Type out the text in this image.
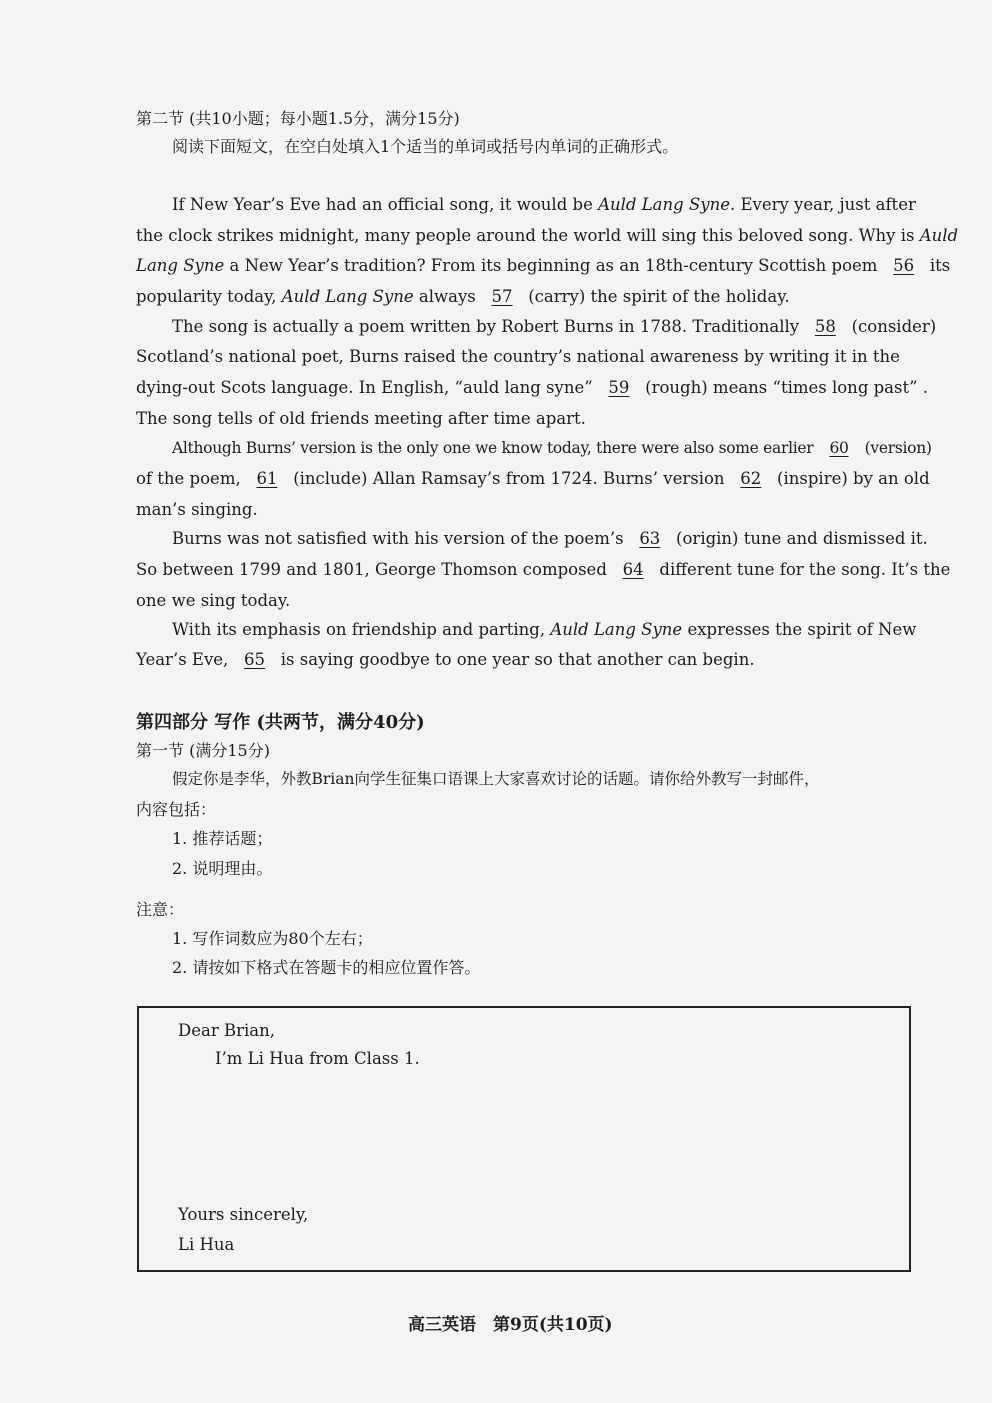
第二节 (共10小题；每小题1.5分，满分15分)
阅读下面短文，在空白处填入1个适当的单词或括号内单词的正确形式。
If New Year’s Eve had an official song, it would be Auld Lang Syne. Every year, just after
the clock strikes midnight, many people around the world will sing this beloved song. Why is Auld
Lang Syne a New Year’s tradition? From its beginning as an 18th-century Scottish poem 56 its
popularity today, Auld Lang Syne always 57 (carry) the spirit of the holiday.
The song is actually a poem written by Robert Burns in 1788. Traditionally 58 (consider)
Scotland’s national poet, Burns raised the country’s national awareness by writing it in the
dying-out Scots language. In English, “auld lang syne” 59 (rough) means “times long past” .
The song tells of old friends meeting after time apart.
Although Burns’ version is the only one we know today, there were also some earlier 60 (version)
of the poem, 61 (include) Allan Ramsay’s from 1724. Burns’ version 62 (inspire) by an old
man’s singing.
Burns was not satisfied with his version of the poem’s 63 (origin) tune and dismissed it.
So between 1799 and 1801, George Thomson composed 64 different tune for the song. It’s the
one we sing today.
With its emphasis on friendship and parting, Auld Lang Syne expresses the spirit of New
Year’s Eve, 65 is saying goodbye to one year so that another can begin.
第四部分 写作 (共两节，满分40分)
第一节 (满分15分)
假定你是李华，外教Brian向学生征集口语课上大家喜欢讨论的话题。请你给外教写一封邮件，
内容包括：
1. 推荐话题；
2. 说明理由。
注意：
1. 写作词数应为80个左右；
2. 请按如下格式在答题卡的相应位置作答。
Dear Brian,
I’m Li Hua from Class 1.
Yours sincerely,
Li Hua
高三英语　第9页(共10页)
